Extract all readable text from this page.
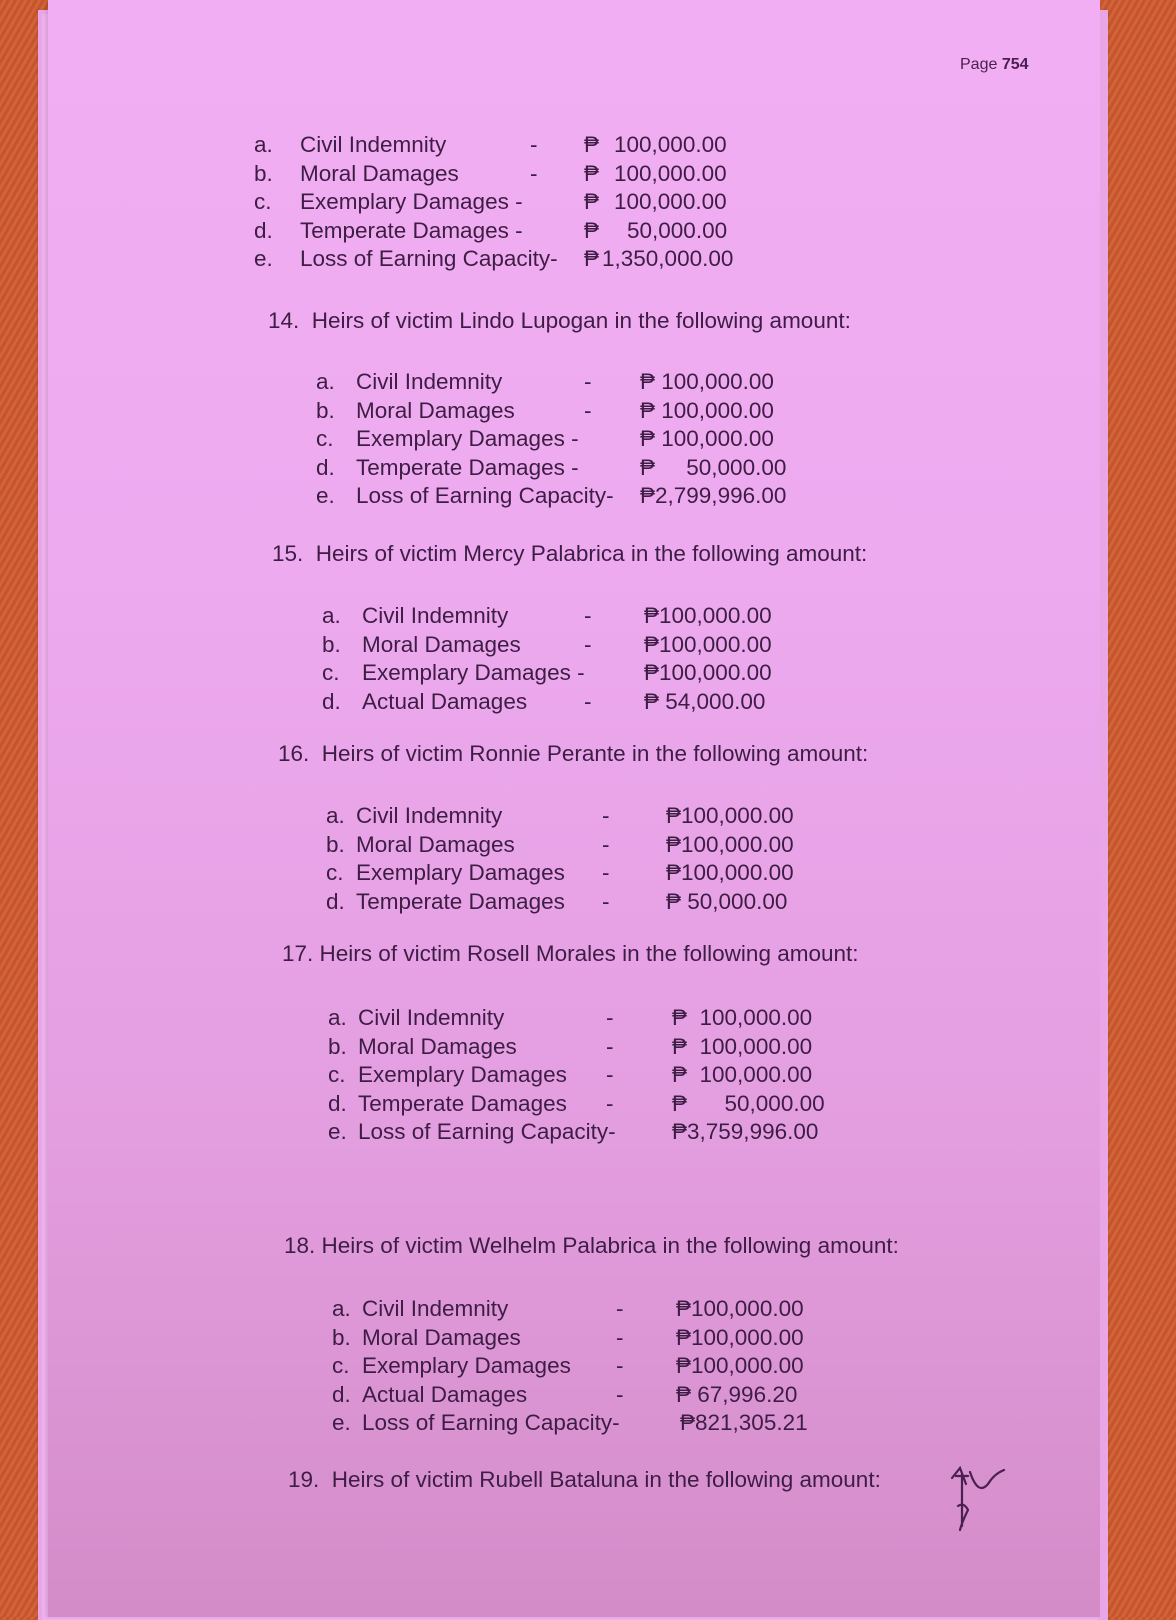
Page 754
a. Civil Indemnity	- ₱ 100,000.00
b. Moral Damages	- ₱ 100,000.00
c. Exemplary Damages -	₱ 100,000.00
d. Temperate Damages -	₱ 50,000.00
e. Loss of Earning Capacity- ₱ 1,350,000.00
14. Heirs of victim Lindo Lupogan in the following amount:
a. Civil Indemnity	- ₱ 100,000.00
b. Moral Damages	- ₱ 100,000.00
c. Exemplary Damages -	₱ 100,000.00
d. Temperate Damages -	₱     50,000.00
e. Loss of Earning Capacity- ₱2,799,996.00
15. Heirs of victim Mercy Palabrica in the following amount:
a. Civil Indemnity	- ₱100,000.00
b. Moral Damages	- ₱100,000.00
c. Exemplary Damages -	₱100,000.00
d. Actual Damages	- ₱ 54,000.00
16. Heirs of victim Ronnie Perante in the following amount:
a. Civil Indemnity	-	₱100,000.00
b. Moral Damages	-	₱100,000.00
c. Exemplary Damages -	₱100,000.00
d. Temperate Damages -	₱ 50,000.00
17. Heirs of victim Rosell Morales in the following amount:
a. Civil Indemnity	-	₱  100,000.00
b. Moral Damages	-	₱  100,000.00
c. Exemplary Damages -	₱  100,000.00
d. Temperate Damages -	₱      50,000.00
e. Loss of Earning Capacity-	₱3,759,996.00
18. Heirs of victim Welhelm Palabrica in the following amount:
a. Civil Indemnity	- ₱100,000.00
b. Moral Damages	- ₱100,000.00
c. Exemplary Damages - ₱100,000.00
d. Actual Damages	- ₱ 67,996.20
e. Loss of Earning Capacity-	₱821,305.21
19. Heirs of victim Rubell Bataluna in the following amount:
